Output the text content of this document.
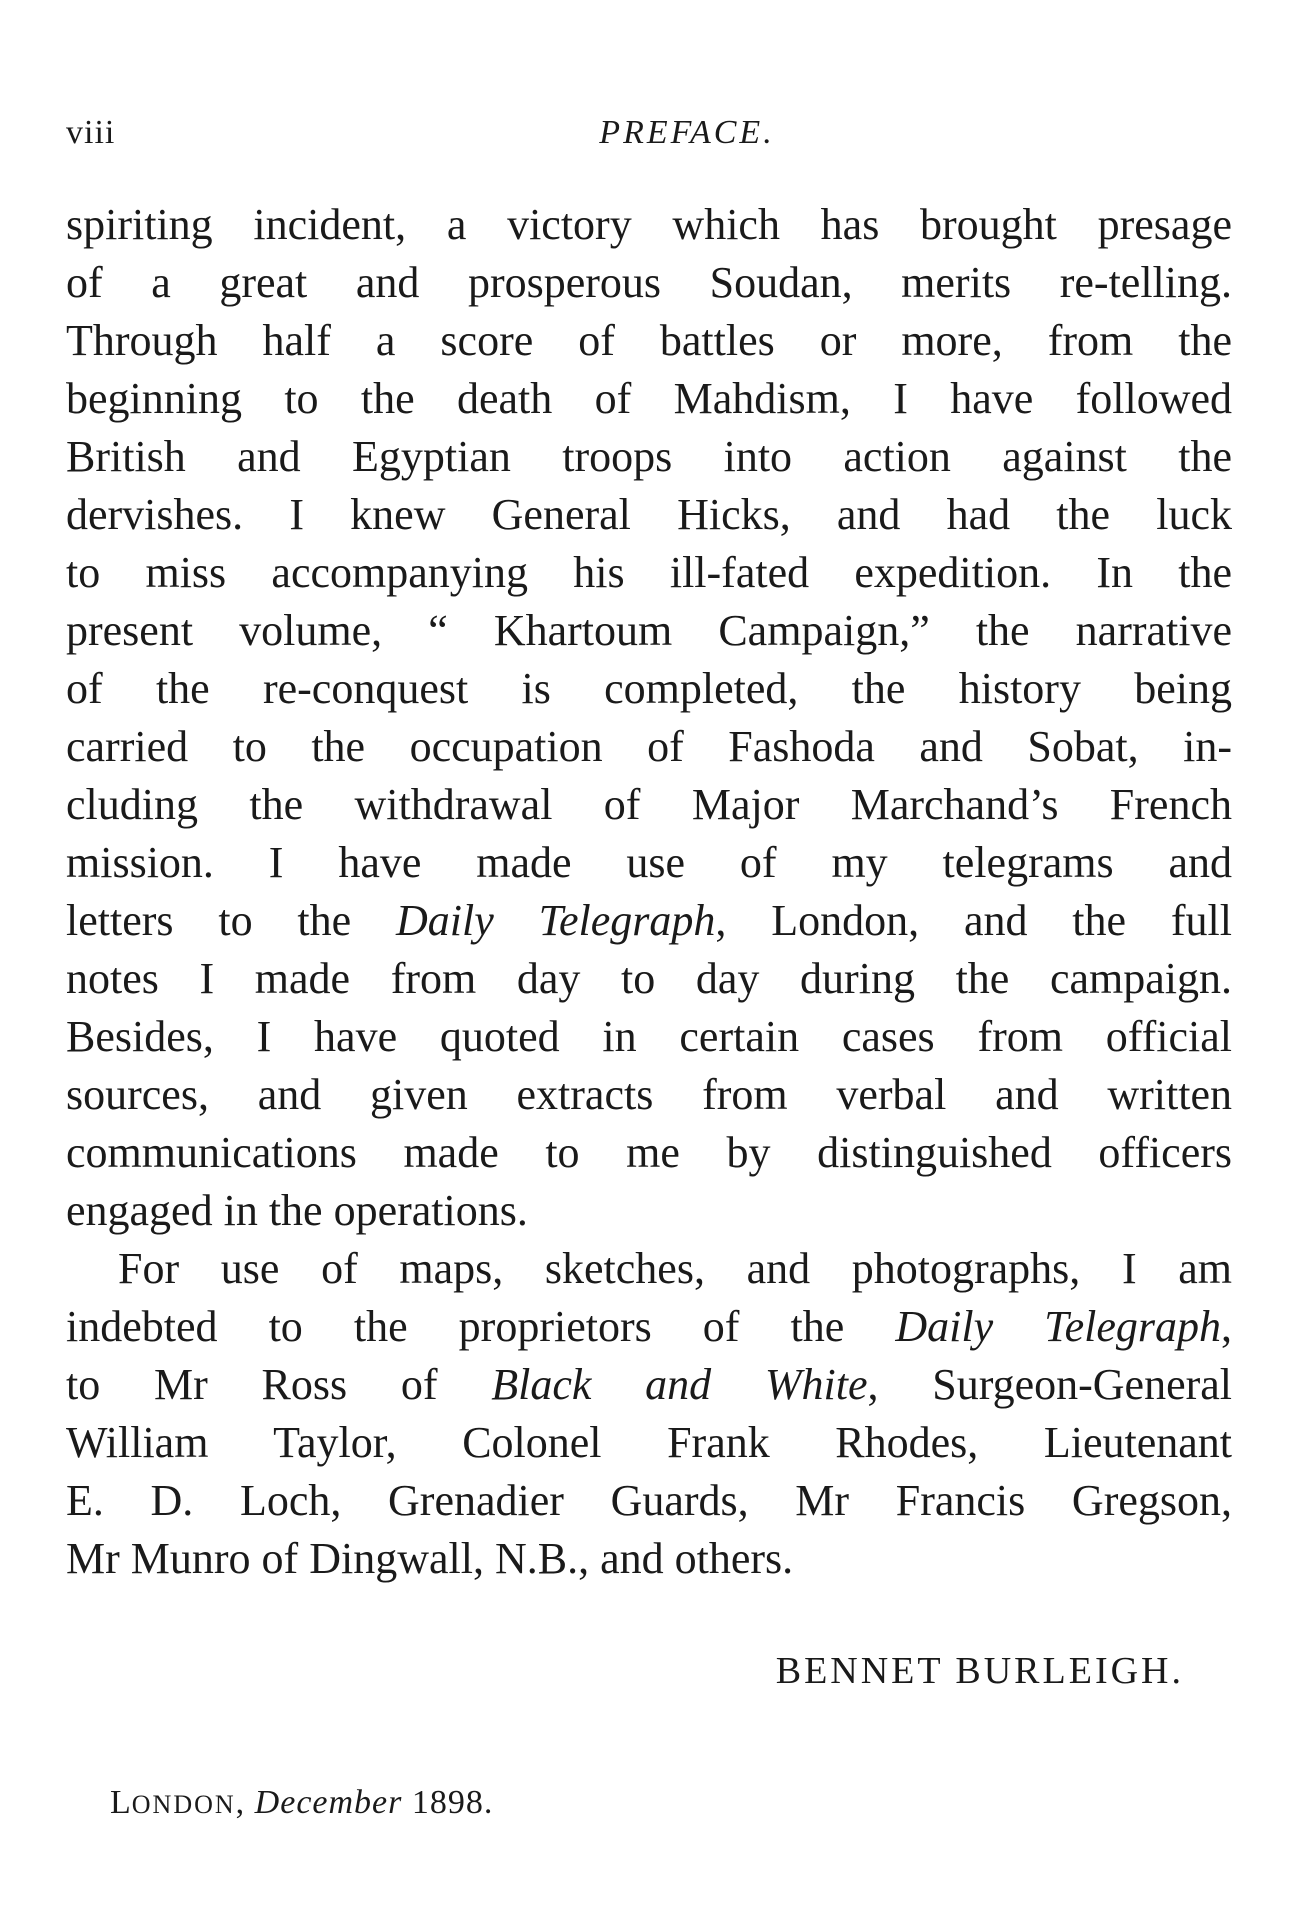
viii	PREFACE.
spiriting incident, a victory which has brought presage
of a great and prosperous Soudan, merits re-telling.
Through half a score of battles or more, from the
beginning to the death of Mahdism, I have followed
British and Egyptian troops into action against the
dervishes. I knew General Hicks, and had the luck
to miss accompanying his ill-fated expedition. In the
present volume, “ Khartoum Campaign,” the narrative
of the re-conquest is completed, the history being
carried to the occupation of Fashoda and Sobat, in-
cluding the withdrawal of Major Marchand’s French
mission. I have made use of my telegrams and
letters to the Daily Telegraph, London, and the full
notes I made from day to day during the campaign.
Besides, I have quoted in certain cases from official
sources, and given extracts from verbal and written
communications made to me by distinguished officers
engaged in the operations.
For use of maps, sketches, and photographs, I am
indebted to the proprietors of the Daily Telegraph,
to Mr Ross of Black and White, Surgeon-General
William Taylor, Colonel Frank Rhodes, Lieutenant
E. D. Loch, Grenadier Guards, Mr Francis Gregson,
Mr Munro of Dingwall, N.B., and others.
BENNET BURLEIGH.
LONDON, December 1898.
